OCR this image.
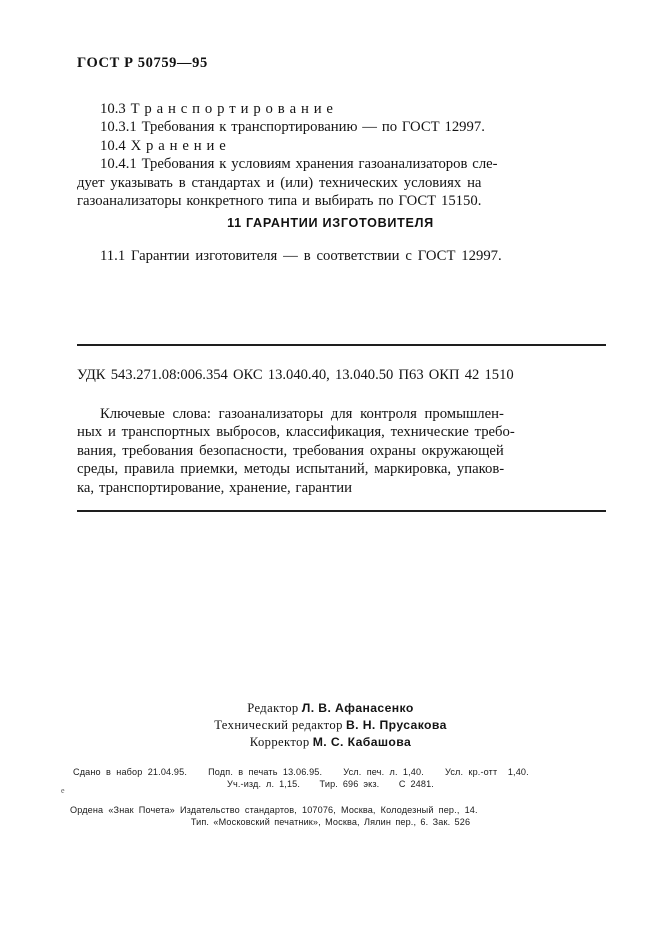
ГОСТ Р 50759—95
10.3 Т р а н с п о р т и р о в а н и е
10.3.1 Требования к транспортированию — по ГОСТ 12997.
10.4 Х р а н е н и е
10.4.1 Требования к условиям хранения газоанализаторов сле-
дует указывать в стандартах и (или) технических условиях на
газоанализаторы конкретного типа и выбирать по ГОСТ 15150.
11 ГАРАНТИИ ИЗГОТОВИТЕЛЯ
11.1 Гарантии изготовителя — в соответствии с ГОСТ 12997.
УДК 543.271.08:006.354 ОКС 13.040.40, 13.040.50 П63 ОКП 42 1510
Ключевые слова: газоанализаторы для контроля промышлен-
ных и транспортных выбросов, классификация, технические требо-
вания, требования безопасности, требования охраны окружающей
среды, правила приемки, методы испытаний, маркировка, упаков-
ка, транспортирование, хранение, гарантии
Редактор Л. В. Афанасенко
Технический редактор В. Н. Прусакова
Корректор М. С. Кабашова
Сдано в набор 21.04.95.    Подп. в печать 13.06.95.    Усл. печ. л. 1,40.    Усл. кр.-отт  1,40.
Уч.-изд. л. 1,15.    Тир. 696 экз.    С 2481.
е
Ордена «Знак Почета» Издательство стандартов, 107076, Москва, Колодезный пер., 14.
Тип. «Московский печатник», Москва, Лялин пер., 6. Зак. 526
